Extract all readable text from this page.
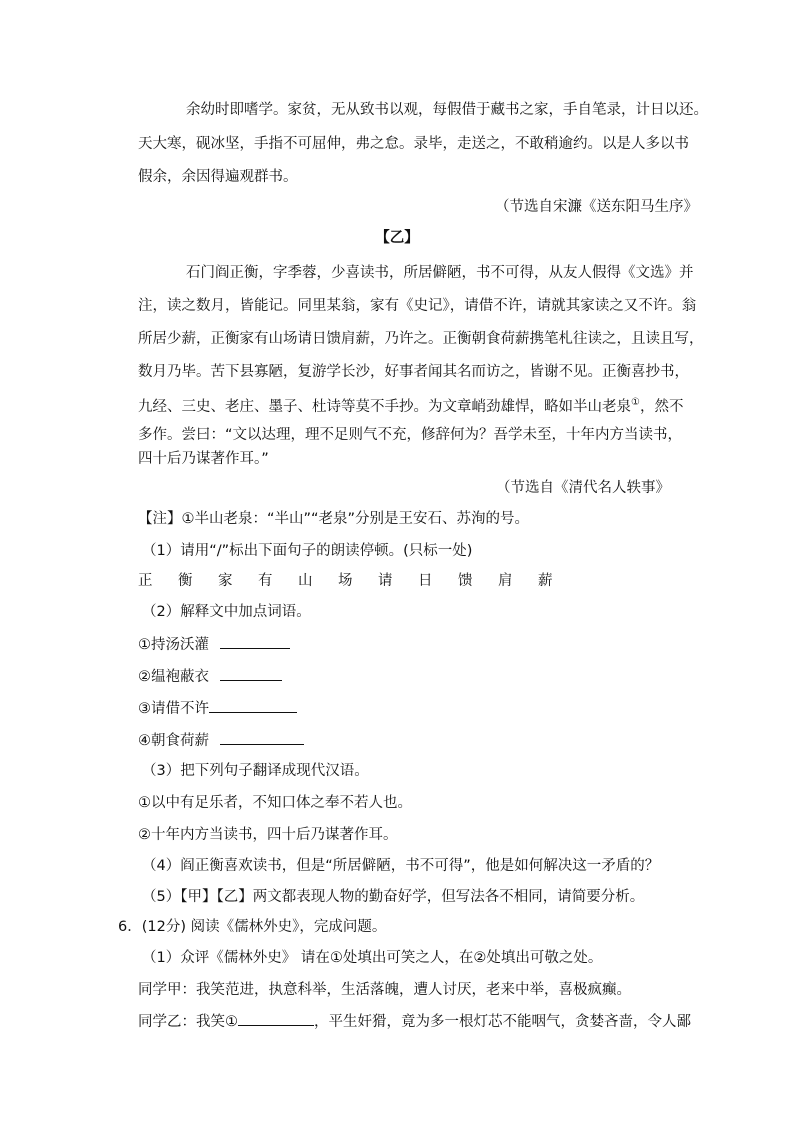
余幼时即嗜学。家贫，无从致书以观，每假借于藏书之家，手自笔录，计日以还。
天大寒，砚冰坚，手指不可屈伸，弗之怠。录毕，走送之，不敢稍逾约。以是人多以书
假余，余因得遍观群书。
（节选自宋濂《送东阳马生序》
【乙】
石门阎正衡，字季蓉，少喜读书，所居僻陋，书不可得，从友人假得《文选》并
注，读之数月，皆能记。同里某翁，家有《史记》，请借不许，请就其家读之又不许。翁
所居少薪，正衡家有山场请日馈肩薪，乃许之。正衡朝食荷薪携笔札往读之，且读且写，
数月乃毕。苦下县寡陋，复游学长沙，好事者闻其名而访之，皆谢不见。正衡喜抄书，
九经、三史、老庄、墨子、杜诗等莫不手抄。为文章峭劲雄悍，略如半山老泉①，然不
多作。尝曰：“文以达理，理不足则气不充，修辞何为？吾学未至，十年内方当读书，
四十后乃谋著作耳。”
（节选自《清代名人轶事》
【注】①半山老泉：“半山”“老泉”分别是王安石、苏洵的号。
（1）请用“/”标出下面句子的朗读停顿。(只标一处)
正 衡 家 有 山 场 请 日 馈 肩 薪
（2）解释文中加点词语。
①持汤沃灌
②缊袍蔽衣
③请借不许
④朝食荷薪
（3）把下列句子翻译成现代汉语。
①以中有足乐者，不知口体之奉不若人也。
②十年内方当读书，四十后乃谋著作耳。
（4）阎正衡喜欢读书，但是“所居僻陋，书不可得”，他是如何解决这一矛盾的？
（5）【甲】【乙】两文都表现人物的勤奋好学，但写法各不相同，请简要分析。
6．(12分) 阅读《儒林外史》，完成问题。
（1）众评《儒林外史》 请在①处填出可笑之人，在②处填出可敬之处。
同学甲：我笑范进，执意科举，生活落魄，遭人讨厌，老来中举，喜极疯癫。
同学乙：我笑①	，平生奸猾，竟为多一根灯芯不能咽气，贪婪吝啬，令人鄙
